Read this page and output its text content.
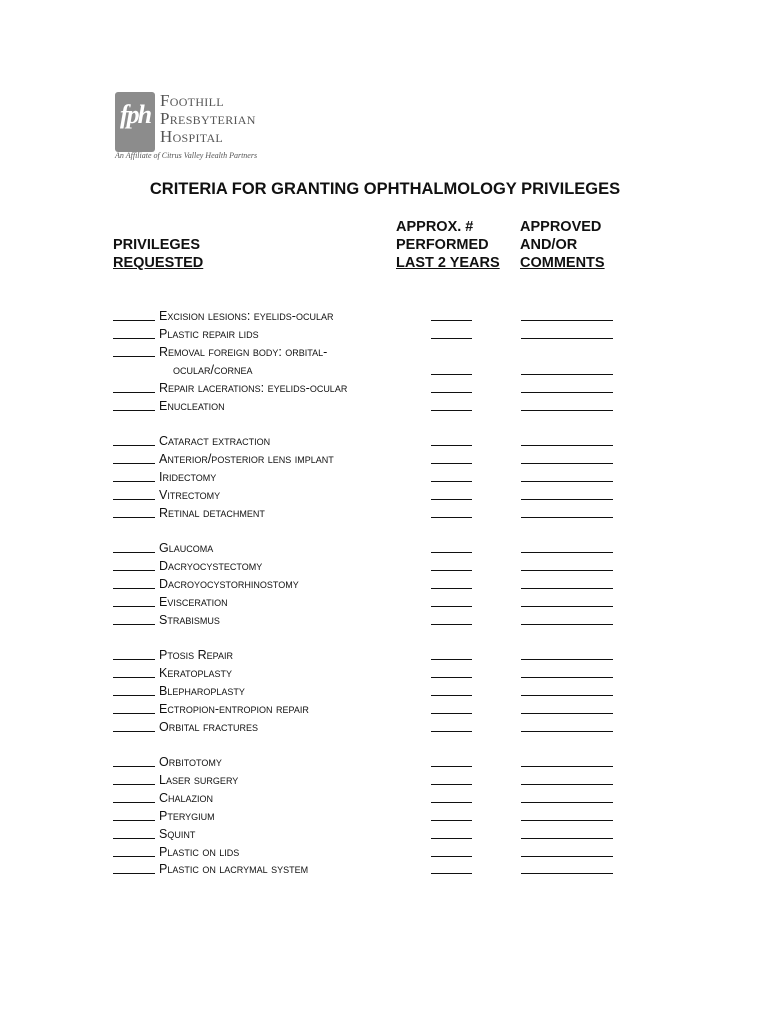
fph Foothill
Presbyterian
Hospital
An Affiliate of Citrus Valley Health Partners
CRITERIA FOR GRANTING OPHTHALMOLOGY PRIVILEGES
PRIVILEGES
REQUESTED
APPROX. #
PERFORMED
LAST 2 YEARS
APPROVED
AND/OR
COMMENTS
Excision lesions: eyelids-ocular
Plastic repair lids
Removal foreign body: orbital-
ocular/cornea
Repair lacerations: eyelids-ocular
Enucleation
Cataract extraction
Anterior/posterior lens implant
Iridectomy
Vitrectomy
Retinal detachment
Glaucoma
Dacryocystectomy
Dacroyocystorhinostomy
Evisceration
Strabismus
Ptosis Repair
Keratoplasty
Blepharoplasty
Ectropion-entropion repair
Orbital fractures
Orbitotomy
Laser surgery
Chalazion
Pterygium
Squint
Plastic on lids
Plastic on lacrymal system
